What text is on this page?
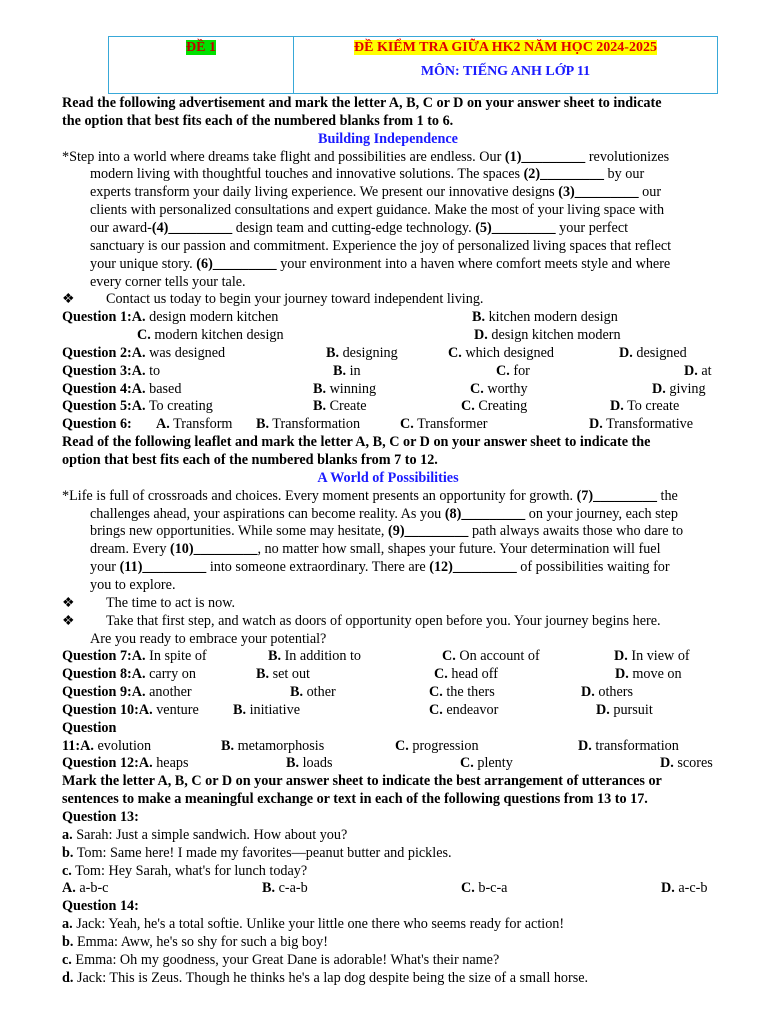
ĐỀ 1	ĐỀ KIỂM TRA GIỮA HK2 NĂM HỌC 2024-2025
MÔN: TIẾNG ANH LỚP 11
Read the following advertisement and mark the letter A, B, C or D on your answer sheet to indicate
the option that best fits each of the numbered blanks from 1 to 6.
Building Independence
*Step into a world where dreams take flight and possibilities are endless. Our (1)_________ revolutionizes
modern living with thoughtful touches and innovative solutions. The spaces (2)_________ by our
experts transform your daily living experience. We present our innovative designs (3)_________ our
clients with personalized consultations and expert guidance. Make the most of your living space with
our award-(4)_________ design team and cutting-edge technology. (5)_________ your perfect
sanctuary is our passion and commitment. Experience the joy of personalized living spaces that reflect
your unique story. (6)_________ your environment into a haven where comfort meets style and where
every corner tells your tale.
❖ Contact us today to begin your journey toward independent living.
Question 1:A. design modern kitchen	B. kitchen modern design
C. modern kitchen design	D. design kitchen modern
Question 2:A. was designed	B. designing	C. which designed	D. designed
Question 3:A. to	B. in	C. for	D. at
Question 4:A. based	B. winning	C. worthy	D. giving
Question 5:A. To creating	B. Create	C. Creating	D. To create
Question 6: A. Transform B. Transformation	C. Transformer	D. Transformative
Read of the following leaflet and mark the letter A, B, C or D on your answer sheet to indicate the
option that best fits each of the numbered blanks from 7 to 12.
A World of Possibilities
*Life is full of crossroads and choices. Every moment presents an opportunity for growth. (7)_________ the
challenges ahead, your aspirations can become reality. As you (8)_________ on your journey, each step
brings new opportunities. While some may hesitate, (9)_________ path always awaits those who dare to
dream. Every (10)_________, no matter how small, shapes your future. Your determination will fuel
your (11)_________ into someone extraordinary. There are (12)_________ of possibilities waiting for
you to explore.
❖ The time to act is now.
❖ Take that first step, and watch as doors of opportunity open before you. Your journey begins here.
Are you ready to embrace your potential?
Question 7:A. In spite of	B. In addition to	C. On account of	D. In view of
Question 8:A. carry on	B. set out	C. head off	D. move on
Question 9:A. another	B. other	C. the thers	D. others
Question 10:A. venture B. initiative	C. endeavor	D. pursuit
Question
11:A. evolution	B. metamorphosis	C. progression	D. transformation
Question 12:A. heaps	B. loads	C. plenty	D. scores
Mark the letter A, B, C or D on your answer sheet to indicate the best arrangement of utterances or
sentences to make a meaningful exchange or text in each of the following questions from 13 to 17.
Question 13:
a. Sarah: Just a simple sandwich. How about you?
b. Tom: Same here! I made my favorites—peanut butter and pickles.
c. Tom: Hey Sarah, what's for lunch today?
A. a-b-c	B. c-a-b	C. b-c-a	D. a-c-b
Question 14:
a. Jack: Yeah, he's a total softie. Unlike your little one there who seems ready for action!
b. Emma: Aww, he's so shy for such a big boy!
c. Emma: Oh my goodness, your Great Dane is adorable! What's their name?
d. Jack: This is Zeus. Though he thinks he's a lap dog despite being the size of a small horse.
